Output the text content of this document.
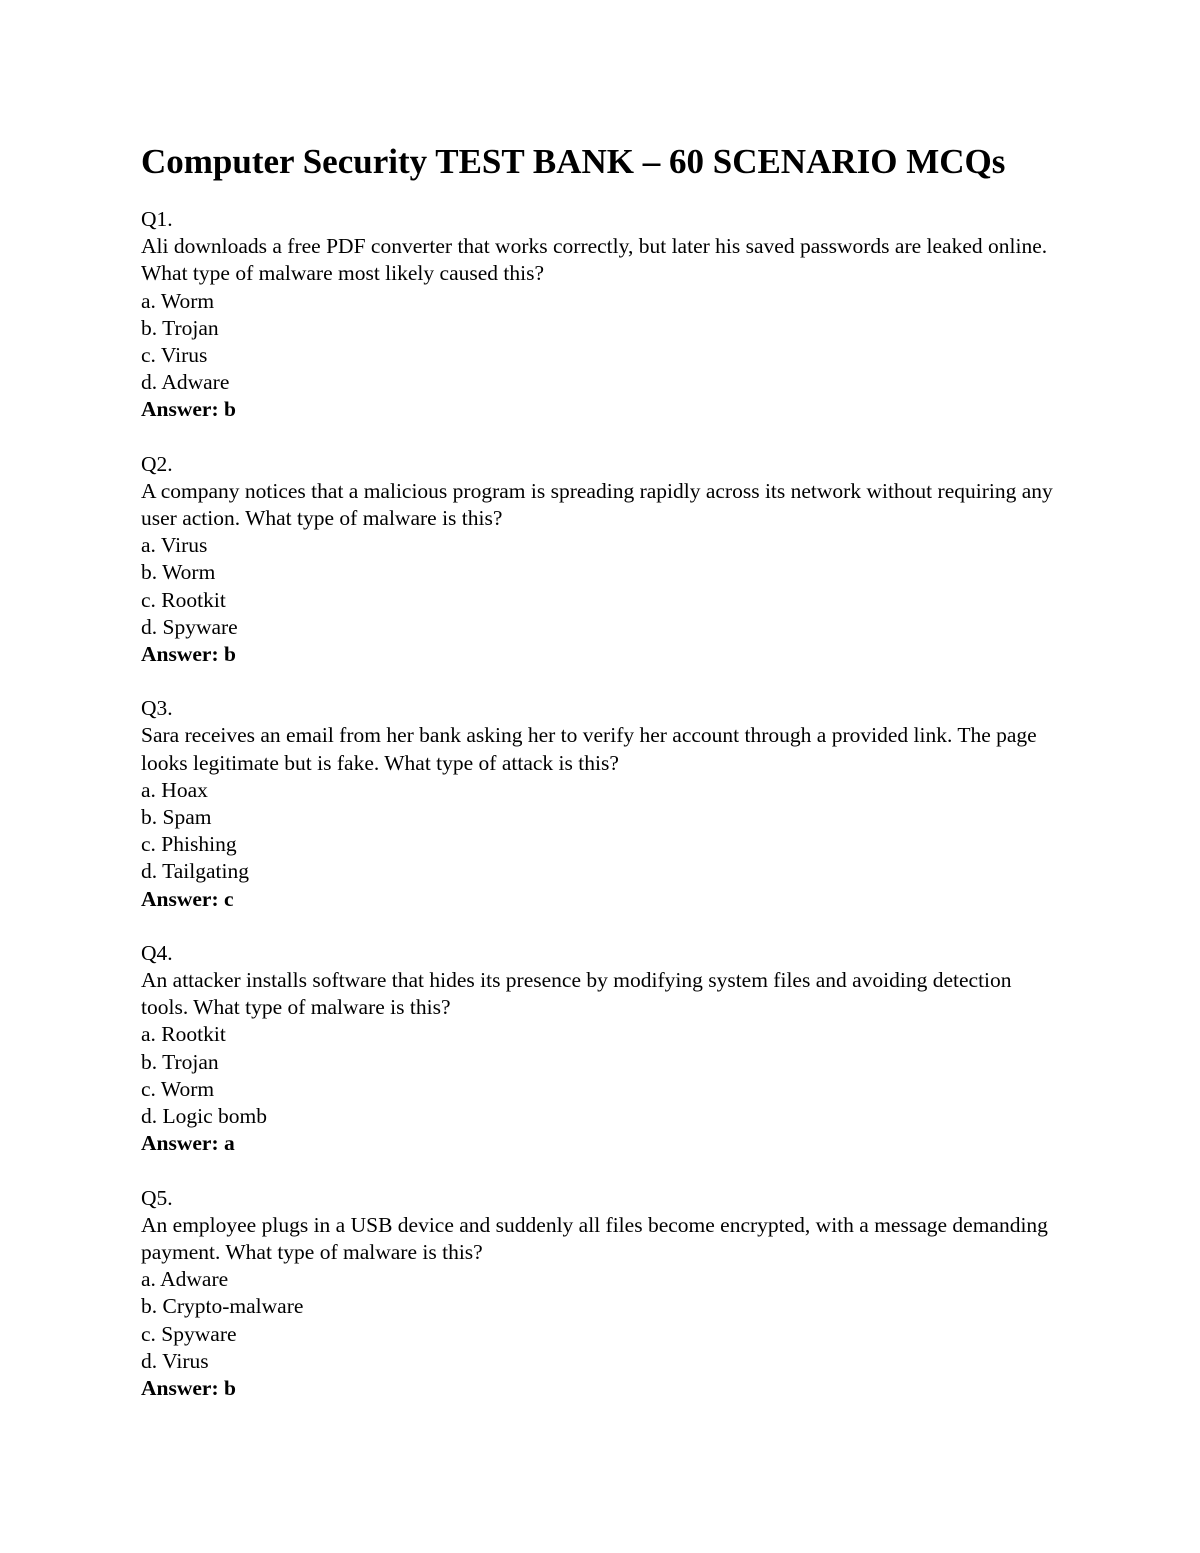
Computer Security TEST BANK – 60 SCENARIO MCQs
Q1.
Ali downloads a free PDF converter that works correctly, but later his saved passwords are leaked online. What type of malware most likely caused this?
a. Worm
b. Trojan
c. Virus
d. Adware
Answer: b
Q2.
A company notices that a malicious program is spreading rapidly across its network without requiring any user action. What type of malware is this?
a. Virus
b. Worm
c. Rootkit
d. Spyware
Answer: b
Q3.
Sara receives an email from her bank asking her to verify her account through a provided link. The page looks legitimate but is fake. What type of attack is this?
a. Hoax
b. Spam
c. Phishing
d. Tailgating
Answer: c
Q4.
An attacker installs software that hides its presence by modifying system files and avoiding detection tools. What type of malware is this?
a. Rootkit
b. Trojan
c. Worm
d. Logic bomb
Answer: a
Q5.
An employee plugs in a USB device and suddenly all files become encrypted, with a message demanding payment. What type of malware is this?
a. Adware
b. Crypto-malware
c. Spyware
d. Virus
Answer: b
